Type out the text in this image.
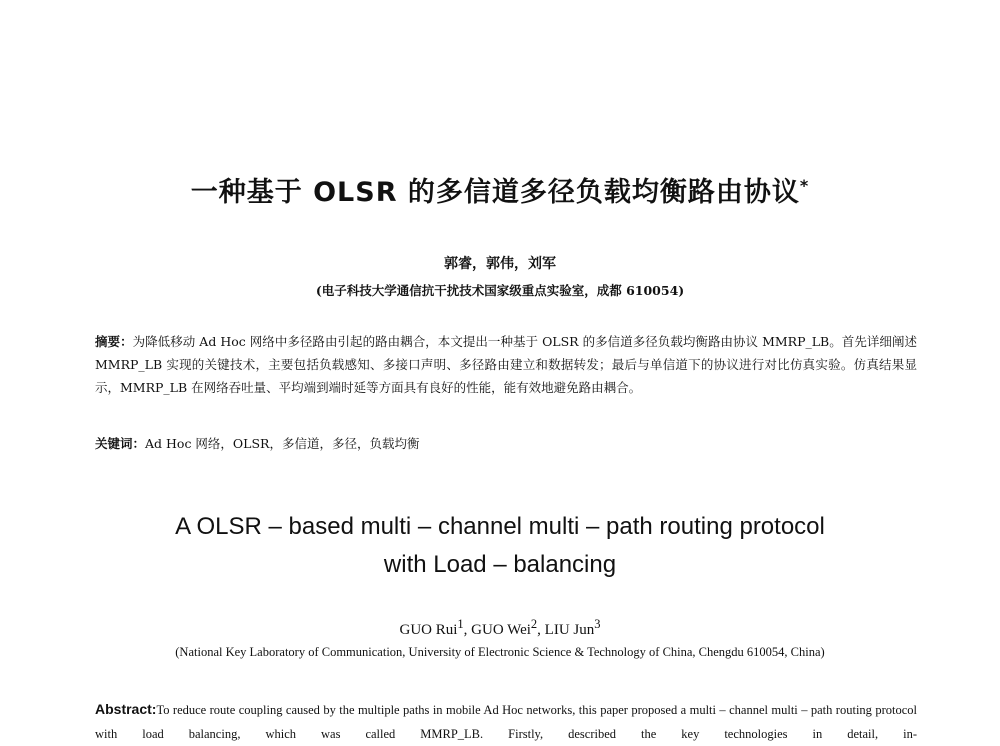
一种基于 OLSR 的多信道多径负载均衡路由协议*
郭睿，郭伟，刘军
(电子科技大学通信抗干扰技术国家级重点实验室，成都 610054)
摘要：为降低移动 Ad Hoc 网络中多径路由引起的路由耦合，本文提出一种基于 OLSR 的多信道多径负载均衡路由协议 MMRP_LB。首先详细阐述 MMRP_LB 实现的关键技术，主要包括负载感知、多接口声明、多径路由建立和数据转发；最后与单信道下的协议进行对比仿真实验。仿真结果显示，MMRP_LB 在网络吞吐量、平均端到端时延等方面具有良好的性能，能有效地避免路由耦合。
关键词：Ad Hoc 网络，OLSR，多信道，多径，负载均衡
A OLSR – based multi – channel multi – path routing protocol
with Load – balancing
GUO Rui$^1$, GUO Wei$^2$, LIU Jun$^3$
(National Key Laboratory of Communication, University of Electronic Science & Technology of China, Chengdu 610054, China)
Abstract:To reduce route coupling caused by the multiple paths in mobile Ad Hoc networks, this paper proposed a multi – channel multi – path routing protocol with load balancing, which was called MMRP_LB. Firstly, described the key technologies in detail, in-
